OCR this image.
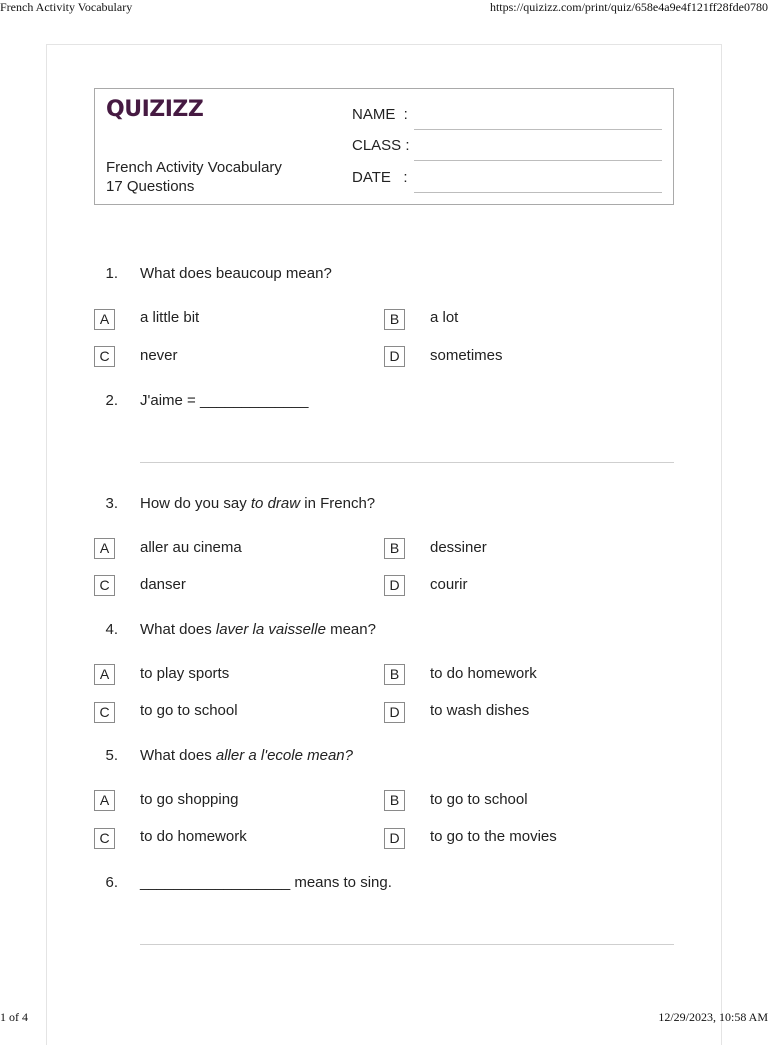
French Activity Vocabulary	https://quizizz.com/print/quiz/658e4a9e4f121ff28fde0780
QUIZIZZ
French Activity Vocabulary
17 Questions
NAME  :
CLASS :
DATE   :
1. What does beaucoup mean?
A	a little bit	B	a lot
C	never	D	sometimes
2. J'aime = _____________
3. How do you say to draw in French?
A	aller au cinema	B	dessiner
C	danser	D	courir
4. What does laver la vaisselle mean?
A	to play sports	B	to do homework
C	to go to school	D	to wash dishes
5. What does aller a l'ecole mean?
A	to go shopping	B	to go to school
C	to do homework	D	to go to the movies
6. __________________ means to sing.
1 of 4	12/29/2023, 10:58 AM
